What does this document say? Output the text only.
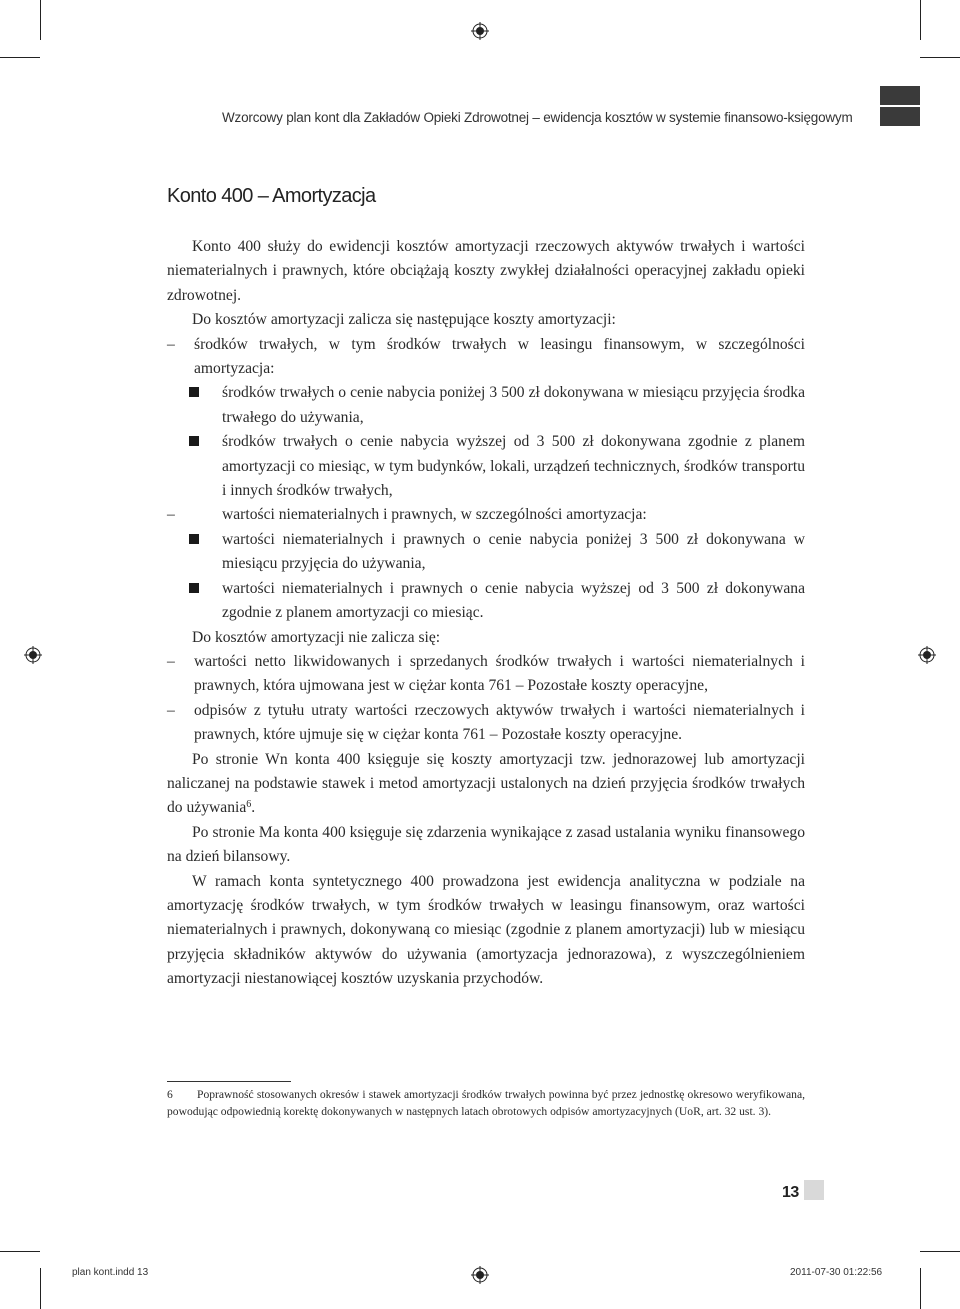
Wzorcowy plan kont dla Zakładów Opieki Zdrowotnej – ewidencja kosztów w systemie finansowo-księgowym
Konto 400 – Amortyzacja

Konto 400 służy do ewidencji kosztów amortyzacji rzeczowych aktywów trwałych i wartości niematerialnych i prawnych, które obciążają koszty zwykłej działalności operacyjnej zakładu opieki zdrowotnej.

Do kosztów amortyzacji zalicza się następujące koszty amortyzacji:

– środków trwałych, w tym środków trwałych w leasingu finansowym, w szczególności amortyzacja:
środków trwałych o cenie nabycia poniżej 3 500 zł dokonywana w miesiącu przyjęcia środka trwałego do używania,
środków trwałych o cenie nabycia wyższej od 3 500 zł dokonywana zgodnie z planem amortyzacji co miesiąc, w tym budynków, lokali, urządzeń technicznych, środków transportu i innych środków trwałych,
– wartości niematerialnych i prawnych, w szczególności amortyzacja:
wartości niematerialnych i prawnych o cenie nabycia poniżej 3 500 zł dokonywana w miesiącu przyjęcia do używania,
wartości niematerialnych i prawnych o cenie nabycia wyższej od 3 500 zł dokonywana zgodnie z planem amortyzacji co miesiąc.

Do kosztów amortyzacji nie zalicza się:

– wartości netto likwidowanych i sprzedanych środków trwałych i wartości niematerialnych i prawnych, która ujmowana jest w ciężar konta 761 – Pozostałe koszty operacyjne,
– odpisów z tytułu utraty wartości rzeczowych aktywów trwałych i wartości niematerialnych i prawnych, które ujmuje się w ciężar konta 761 – Pozostałe koszty operacyjne.

Po stronie Wn konta 400 księguje się koszty amortyzacji tzw. jednorazowej lub amortyzacji naliczanej na podstawie stawek i metod amortyzacji ustalonych na dzień przyjęcia środków trwałych do używania$^6$.

Po stronie Ma konta 400 księguje się zdarzenia wynikające z zasad ustalania wyniku finansowego na dzień bilansowy.

W ramach konta syntetycznego 400 prowadzona jest ewidencja analityczna w podziale na amortyzację środków trwałych, w tym środków trwałych w leasingu finansowym, oraz wartości niematerialnych i prawnych, dokonywaną co miesiąc (zgodnie z planem amortyzacji) lub w miesiącu przyjęcia składników aktywów do używania (amortyzacja jednorazowa), z wyszczególnieniem amortyzacji niestanowiącej kosztów uzyskania przychodów.

6 Poprawność stosowanych okresów i stawek amortyzacji środków trwałych powinna być przez jednostkę okresowo weryfikowana, powodując odpowiednią korektę dokonywanych w następnych latach obrotowych odpisów amortyzacyjnych (UoR, art. 32 ust. 3).
13
plan kont.indd 13	2011-07-30 01:22:56
